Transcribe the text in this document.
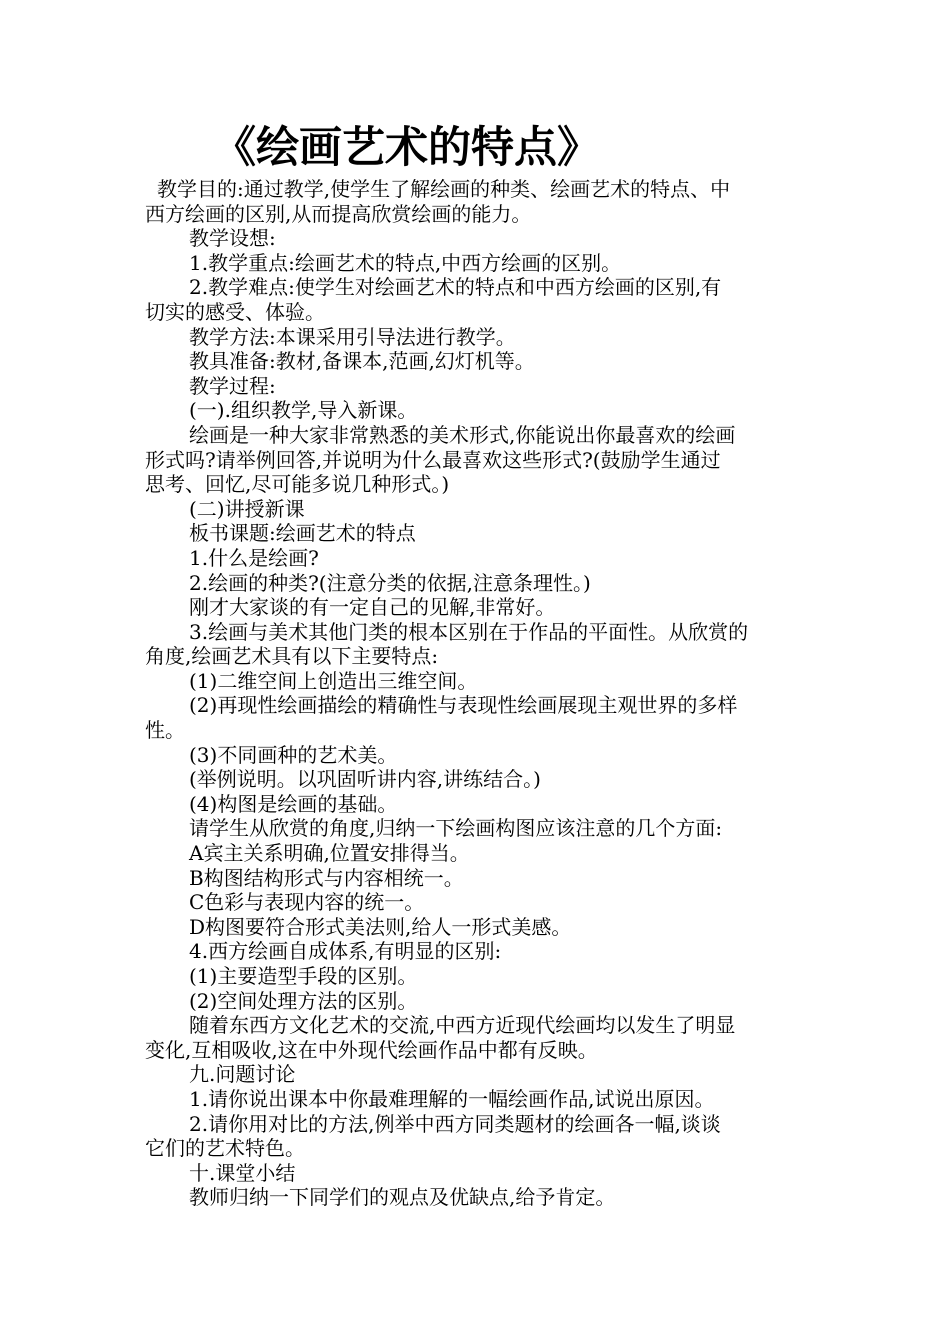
《绘画艺术的特点》
教学目的:通过教学,使学生了解绘画的种类、绘画艺术的特点、中
西方绘画的区别,从而提高欣赏绘画的能力。
教学设想:
1.教学重点:绘画艺术的特点,中西方绘画的区别。
2.教学难点:使学生对绘画艺术的特点和中西方绘画的区别,有
切实的感受、体验。
教学方法:本课采用引导法进行教学。
教具准备:教材,备课本,范画,幻灯机等。
教学过程:
(一).组织教学,导入新课。
绘画是一种大家非常熟悉的美术形式,你能说出你最喜欢的绘画
形式吗?请举例回答,并说明为什么最喜欢这些形式?(鼓励学生通过
思考、回忆,尽可能多说几种形式。)
(二)讲授新课
板书课题:绘画艺术的特点
1.什么是绘画?
2.绘画的种类?(注意分类的依据,注意条理性。)
刚才大家谈的有一定自己的见解,非常好。
3.绘画与美术其他门类的根本区别在于作品的平面性。从欣赏的
角度,绘画艺术具有以下主要特点:
(1)二维空间上创造出三维空间。
(2)再现性绘画描绘的精确性与表现性绘画展现主观世界的多样
性。
(3)不同画种的艺术美。
(举例说明。以巩固听讲内容,讲练结合。)
(4)构图是绘画的基础。
请学生从欣赏的角度,归纳一下绘画构图应该注意的几个方面:
A宾主关系明确,位置安排得当。
B构图结构形式与内容相统一。
C色彩与表现内容的统一。
D构图要符合形式美法则,给人一形式美感。
4.西方绘画自成体系,有明显的区别:
(1)主要造型手段的区别。
(2)空间处理方法的区别。
随着东西方文化艺术的交流,中西方近现代绘画均以发生了明显
变化,互相吸收,这在中外现代绘画作品中都有反映。
九.问题讨论
1.请你说出课本中你最难理解的一幅绘画作品,试说出原因。
2.请你用对比的方法,例举中西方同类题材的绘画各一幅,谈谈
它们的艺术特色。
十.课堂小结
教师归纳一下同学们的观点及优缺点,给予肯定。
